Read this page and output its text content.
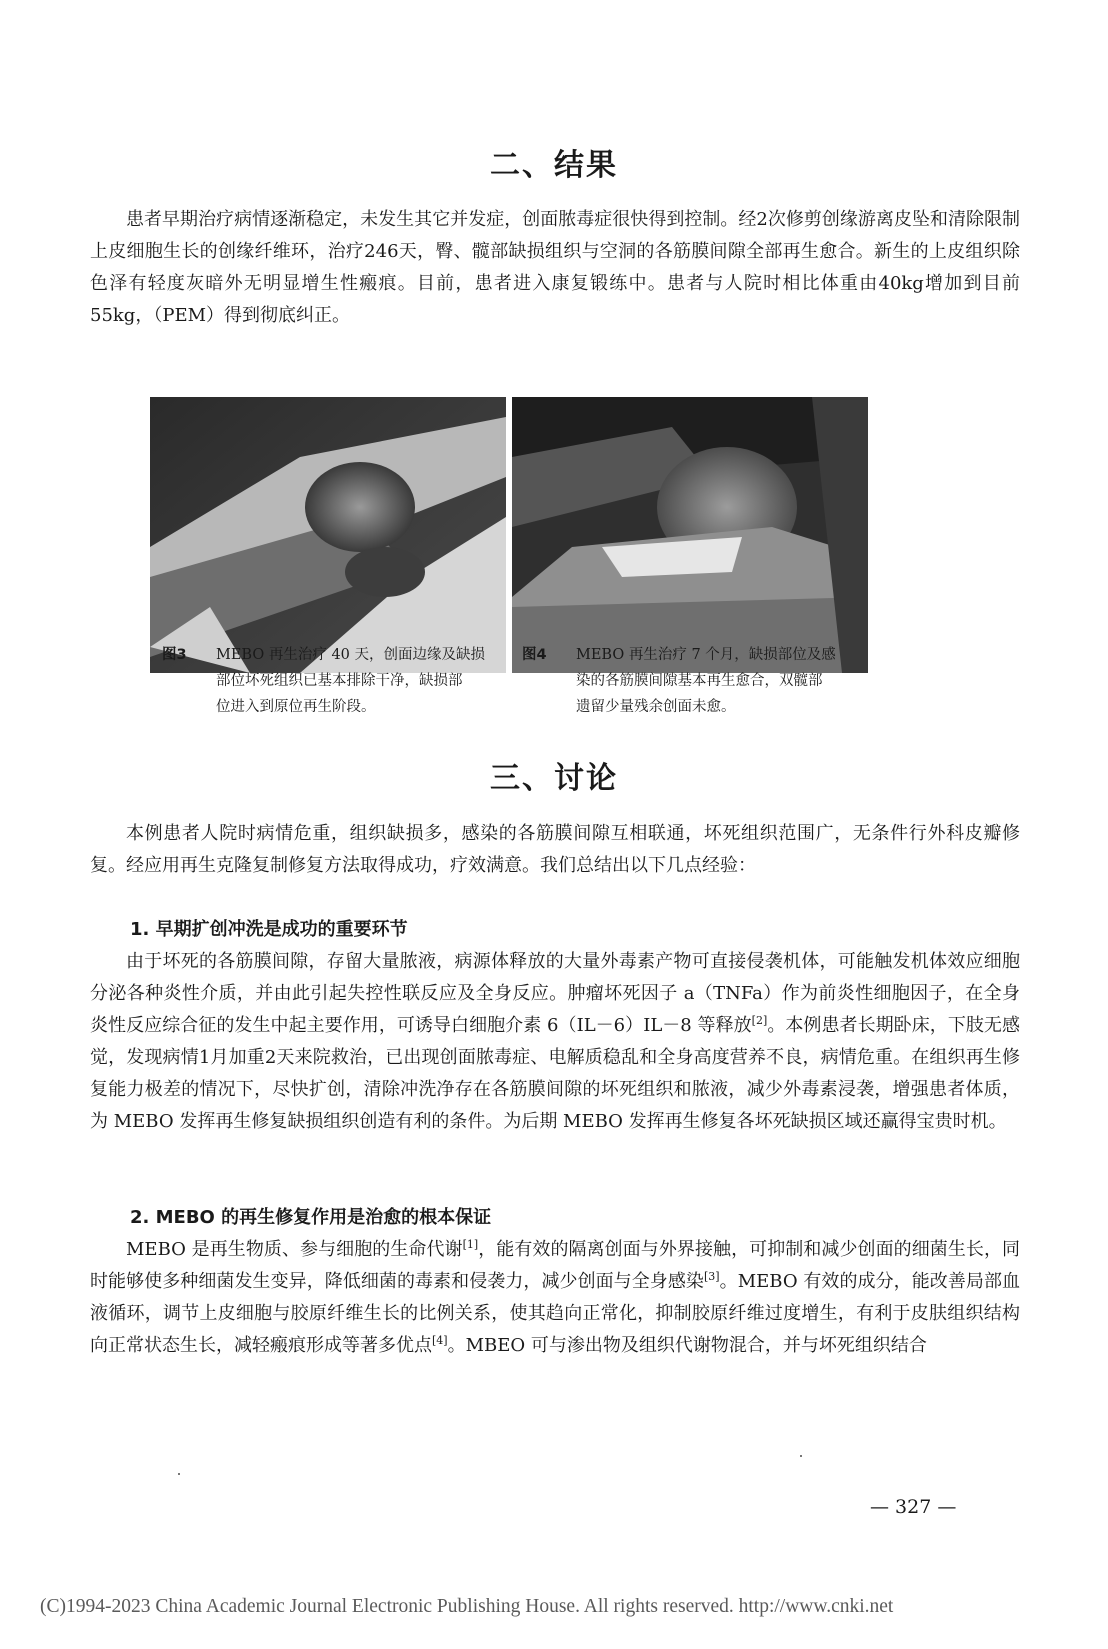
二、结果

患者早期治疗病情逐渐稳定，未发生其它并发症，创面脓毒症很快得到控制。经2次修剪创缘游离皮坠和清除限制上皮细胞生长的创缘纤维环，治疗246天，臀、髋部缺损组织与空洞的各筋膜间隙全部再生愈合。新生的上皮组织除色泽有轻度灰暗外无明显增生性瘢痕。目前，患者进入康复锻练中。患者与人院时相比体重由40kg增加到目前55kg，（PEM）得到彻底纠正。

图3 MEBO 再生治疗 40 天，创面边缘及缺损
部位坏死组织已基本排除干净，缺损部
位进入到原位再生阶段。
图4 MEBO 再生治疗 7 个月，缺损部位及感
染的各筋膜间隙基本再生愈合，双髋部
遗留少量残余创面未愈。
三、讨论

本例患者人院时病情危重，组织缺损多，感染的各筋膜间隙互相联通，坏死组织范围广，无条件行外科皮瓣修复。经应用再生克隆复制修复方法取得成功，疗效满意。我们总结出以下几点经验：

1. 早期扩创冲洗是成功的重要环节

由于坏死的各筋膜间隙，存留大量脓液，病源体释放的大量外毒素产物可直接侵袭机体，可能触发机体效应细胞分泌各种炎性介质，并由此引起失控性联反应及全身反应。肿瘤坏死因子 a（TNFa）作为前炎性细胞因子，在全身炎性反应综合征的发生中起主要作用，可诱导白细胞介素 6（IL－6）IL－8 等释放[2]。本例患者长期卧床，下肢无感觉，发现病情1月加重2天来院救治，已出现创面脓毒症、电解质稳乱和全身高度营养不良，病情危重。在组织再生修复能力极差的情况下，尽快扩创，清除冲洗净存在各筋膜间隙的坏死组织和脓液，减少外毒素浸袭，增强患者体质，为 MEBO 发挥再生修复缺损组织创造有利的条件。为后期 MEBO 发挥再生修复各坏死缺损区域还赢得宝贵时机。

2. MEBO 的再生修复作用是治愈的根本保证

MEBO 是再生物质、参与细胞的生命代谢[1]，能有效的隔离创面与外界接触，可抑制和减少创面的细菌生长，同时能够使多种细菌发生变异，降低细菌的毒素和侵袭力，减少创面与全身感染[3]。MEBO 有效的成分，能改善局部血液循环，调节上皮细胞与胶原纤维生长的比例关系，使其趋向正常化，抑制胶原纤维过度增生，有利于皮肤组织结构向正常状态生长，减轻瘢痕形成等著多优点[4]。MBEO 可与渗出物及组织代谢物混合，并与坏死组织结合

— 327 —

(C)1994-2023 China Academic Journal Electronic Publishing House. All rights reserved. http://www.cnki.net
